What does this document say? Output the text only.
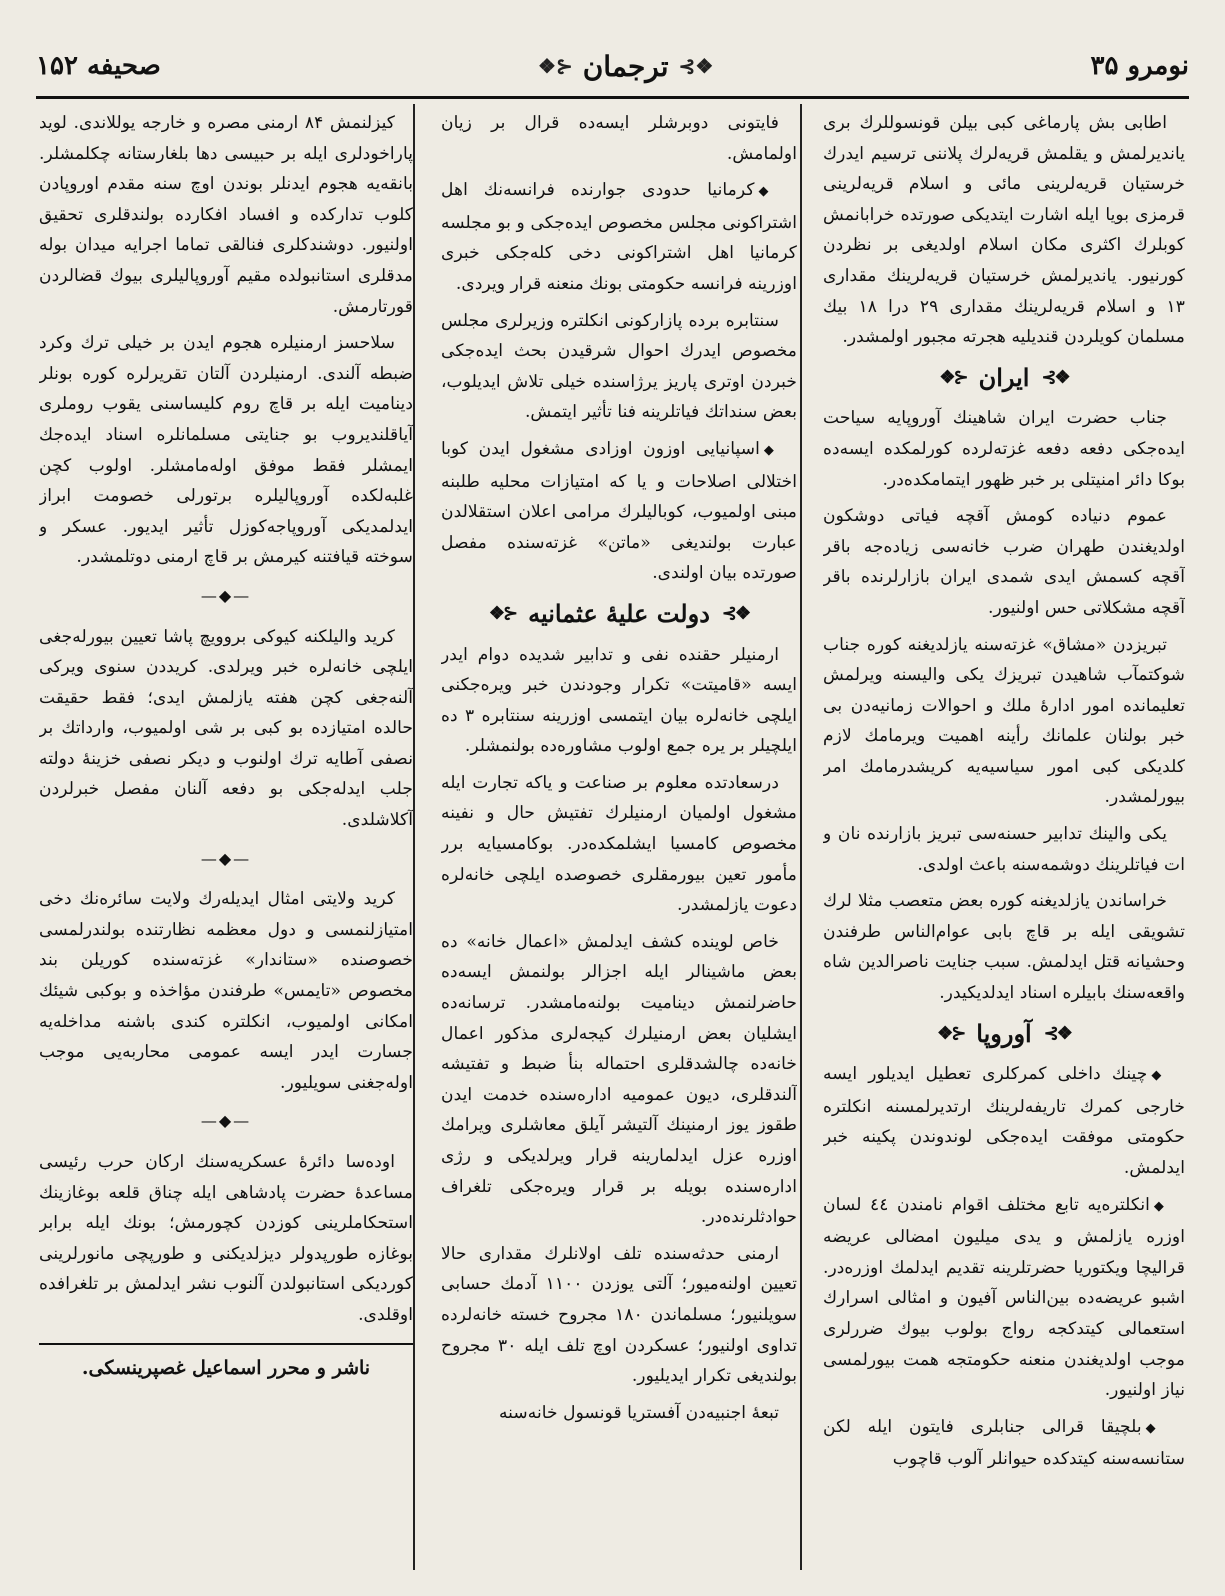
نومرو ۳۵
❖⊱
ترجمان
⊰❖
صحیفه ۱۵۲

اطابی بش پارماغی کبی بیلن قونسوللرك بری یاندیرلمش و یقلمش قریه‌لرك پلاننی ترسیم ایدرك خرستیان قریه‌لرینی مائی و اسلام قریه‌لرینی قرمزی بویا ایله اشارت ایتدیکی صورتده خرابانمش کوبلرك اکثری مکان اسلام اولدیغی بر نظردن کورنیور. یاندیرلمش خرستیان قریه‌لرینك مقداری ۱۳ و اسلام قریه‌لرینك مقداری ۲۹ درا ۱۸ بیك مسلمان کویلردن قندیلیه هجرته مجبور اولمشدر.

❖⊱
ایران
⊰❖

جناب حضرت ایران شاهینك آوروپایه سیاحت ایده‌جکی دفعه دفعه غزته‌لرده کورلمکده ایسه‌ده بوکا دائر امنیتلی بر خبر ظهور ایتمامکده‌در.

عموم دنیاده کومش آقچه فیاتی دوشکون اولدیغندن طهران ضرب خانه‌سی زیاده‌جه باقر آقچه کسمش ایدی شمدی ایران بازارلرنده باقر آقچه مشکلاتی حس اولنیور.

تبریزدن «مشاق» غزته‌سنه یازلدیغنه کوره جناب شوکتمآب شاهیدن تبریزك یکی والیسنه ویرلمش تعلیمانده امور ادارهٔ ملك و احوالات زمانیه‌دن بی خبر بولنان علمانك رأینه اهمیت ویرمامك لازم کلدیکی کبی امور سیاسیه‌یه کریشدرمامك امر بیورلمشدر.

یکی والینك تدابیر حسنه‌سی تبریز بازارنده نان و ات فیاتلرینك دوشمه‌سنه باعث اولدی.

خراساندن یازلدیغنه کوره بعض متعصب مثلا لرك تشویقی ایله بر قاچ بابی عوام‌الناس طرفندن وحشیانه قتل ایدلمش. سبب جنایت ناصرالدین شاه واقعه‌سنك بابیلره اسناد ایدلدیکیدر.

❖⊱
آوروپا
⊰❖

◆چینك داخلی کمرکلری تعطیل ایدیلور ایسه خارجی کمرك تاریفه‌لرینك ارتدیرلمسنه انکلتره حکومتی موفقت ایده‌جکی لوندوندن پکینه خبر ایدلمش.

◆انکلتره‌یه تابع مختلف اقوام نامندن ٤٤ لسان اوزره یازلمش و یدی میلیون امضالی عریضه قرالیچا ویکتوریا حضرتلرینه تقدیم ایدلمك اوزره‌در. اشبو عریضه‌ده بین‌الناس آفیون و امثالی اسرارك استعمالی کیتدکجه رواج بولوب بیوك ضررلری موجب اولدیغندن منعنه حکومتجه همت بیورلمسی نیاز اولنیور.

◆بلچیقا قرالی جنابلری فایتون ایله لکن ستانسه‌سنه کیتدکده حیوانلر آلوب قاچوب

فایتونی دوبرشلر ایسه‌ده قرال بر زیان اولمامش.

◆کرمانیا حدودی جوارنده فرانسه‌نك اهل اشتراکونی مجلس مخصوص ایده‌جکی و بو مجلسه کرمانیا اهل اشتراکونی دخی کله‌جکی خبری اوزرینه فرانسه حکومتی بونك منعنه قرار ویردی.

سنتابره برده پازارکونی انکلتره وزیرلری مجلس مخصوص ایدرك احوال شرقیدن بحث ایده‌جکی خبردن اوتری پاریز یرژاسنده خیلی تلاش ایدیلوب، بعض سنداتك فیاتلرینه فنا تأثیر ایتمش.

◆اسپانیایی اوزون اوزادی مشغول ایدن کوبا اختلالی اصلاحات و یا که امتیازات محلیه طلبنه مبنی اولمیوب، کوبالیلرك مرامی اعلان استقلالدن عبارت بولندیغی «ماتن» غزته‌سنده مفصل صورتده بیان اولندی.

❖⊱
دولت علیهٔ عثمانیه
⊰❖

ارمنیلر حقنده نفی و تدابیر شدیده دوام ایدر ایسه «قامیتت» تکرار وجودندن خبر ویره‌جکنی ایلچی خانه‌لره بیان ایتمسی اوزرینه سنتابره ۳ ده ایلچیلر بر یره جمع اولوب مشاوره‌ده بولنمشلر.

درسعادتده معلوم بر صناعت و یاکه تجارت ایله مشغول اولمیان ارمنیلرك تفتیش حال و نفینه مخصوص کامسیا ایشلمکده‌در. بوکامسیایه برر مأمور تعین بیورمقلری خصوصده ایلچی خانه‌لره دعوت یازلمشدر.

خاص لوینده کشف ایدلمش «اعمال خانه» ده بعض ماشینالر ایله اجزالر بولنمش ایسه‌ده حاضرلنمش دینامیت بولنه‌مامشدر. ترسانه‌ده ایشلیان بعض ارمنیلرك کیجه‌لری مذکور اعمال خانه‌ده چالشدقلری احتماله بنأ ضبط و تفتیشه آلندقلری، دیون عمومیه اداره‌سنده خدمت ایدن طقوز یوز ارمنینك آلتیشر آیلق معاشلری ویرامك اوزره عزل ایدلمارینه قرار ویرلدیکی و رژی اداره‌سنده بویله بر قرار ویره‌جکی تلغراف حوادثلرنده‌در.

ارمنی حدثه‌سنده تلف اولانلرك مقداری حالا تعیین اولنه‌میور؛ آلتی یوزدن ۱۱۰۰ آدمك حسابی سویلنیور؛ مسلماندن ۱۸۰ مجروح خسته خانه‌لرده تداوی اولنیور؛ عسکردن اوچ تلف ایله ۳۰ مجروح بولندیغی تکرار ایدیلیور.

تبعهٔ اجنبیه‌دن آفستریا قونسول خانه‌سنه

کیزلنمش ۸۴ ارمنی مصره و خارجه یوللاندی. لوید پاراخودلری ایله بر حبیسی دها بلغارستانه چکلمشلر. بانقه‌یه هجوم ایدنلر بوندن اوچ سنه مقدم اوروپادن کلوب تدارکده و افساد افکارده بولندقلری تحقیق اولنیور. دوشندکلری فنالقی تماما اجرایه میدان بوله مدقلری استانبولده مقیم آوروپالیلری بیوك قضالردن قورتارمش.

سلاحسز ارمنیلره هجوم ایدن بر خیلی ترك وکرد ضبطه آلندی. ارمنیلردن آلتان تقریرلره کوره بونلر دینامیت ایله بر قاچ روم کلیساسنی یقوب روملری آیاقلندیروب بو جنایتی مسلمانلره اسناد ایده‌جك ایمشلر فقط موفق اوله‌مامشلر. اولوب کچن غلبه‌لکده آوروپالیلره برتورلی خصومت ابراز ایدلمدیکی آوروپاجه‌کوزل تأثیر ایدیور. عسکر و سوخته قیافتنه کیرمش بر قاچ ارمنی دوتلمشدر.

—◆—

کرید والیلکنه کیوکی بروویچ پاشا تعیین بیورله‌جغی ایلچی خانه‌لره خبر ویرلدی. کریددن سنوی ویرکی آلنه‌جغی کچن هفته یازلمش ایدی؛ فقط حقیقت حالده امتیازده بو کبی بر شی اولمیوب، وارداتك بر نصفی آطایه ترك اولنوب و دیکر نصفی خزینهٔ دولته جلب ایدله‌جکی بو دفعه آلنان مفصل خبرلردن آکلاشلدی.

—◆—

کرید ولایتی امثال ایدیله‌رك ولایت سائره‌نك دخی امتیازلنمسی و دول معظمه نظارتنده بولندرلمسی خصوصنده «ستاندار» غزته‌سنده کوریلن بند مخصوص «تایمس» طرفندن مؤاخذه و بوکبی شیئك امکانی اولمیوب، انکلتره کندی باشنه مداخله‌یه جسارت ایدر ایسه عمومی محاربه‌یی موجب اوله‌جغنی سویلیور.

—◆—

اوده‌سا دائرهٔ عسکریه‌سنك ارکان حرب رئیسی مساعدهٔ حضرت پادشاهی ایله چناق قلعه بوغازینك استحکاملرینی کوزدن کچورمش؛ بونك ایله برابر بوغازه طورپدولر دیزلدیکنی و طورپچی مانورلرینی کوردیکی استانبولدن آلنوب نشر ایدلمش بر تلغرافده اوقلدی.

ناشر و محرر اسماعیل غصپرینسکی.
